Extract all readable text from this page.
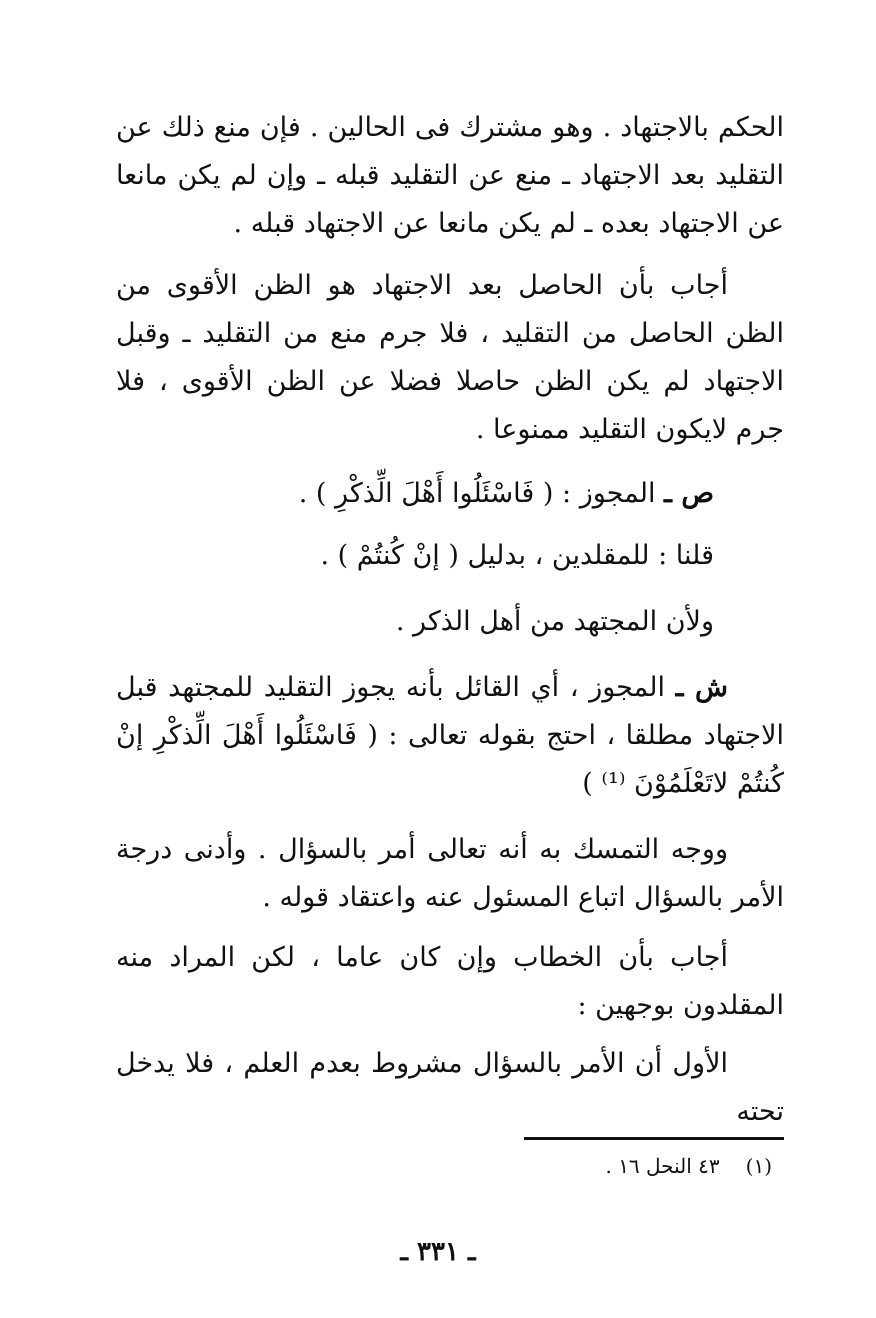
الحكم بالاجتهاد . وهو مشترك فى الحالين . فإن منع ذلك عن التقليد بعد الاجتهاد ـ منع عن التقليد قبله ـ وإن لم يكن مانعا عن الاجتهاد بعده ـ لم يكن مانعا عن الاجتهاد قبله .

أجاب بأن الحاصل بعد الاجتهاد هو الظن الأقوى من الظن الحاصل من التقليد ، فلا جرم منع من التقليد ـ وقبل الاجتهاد لم يكن الظن حاصلا فضلا عن الظن الأقوى ، فلا جرم لايكون التقليد ممنوعا .

ص ـ المجوز : ( فَاسْئَلُوا أَهْلَ الِّذكْرِ ) .
قلنا : للمقلدين ، بدليل ( إنْ كُنتُمْ ) .
ولأن المجتهد من أهل الذكر .

ش ـ المجوز ، أي القائل بأنه يجوز التقليد للمجتهد قبل الاجتهاد مطلقا ، احتج بقوله تعالى : ( فَاسْئَلُوا أَهْلَ الِّذكْرِ إنْ كُنتُمْ لاتَعْلَمُوْنَ ⁽¹⁾ )

ووجه التمسك به أنه تعالى أمر بالسؤال . وأدنى درجة الأمر بالسؤال اتباع المسئول عنه واعتقاد قوله .

أجاب بأن الخطاب وإن كان عاما ، لكن المراد منه المقلدون بوجهين :

الأول أن الأمر بالسؤال مشروط بعدم العلم ، فلا يدخل تحته

(١)٤٣ النحل ١٦ .
ـ ٣٣١ ـ
